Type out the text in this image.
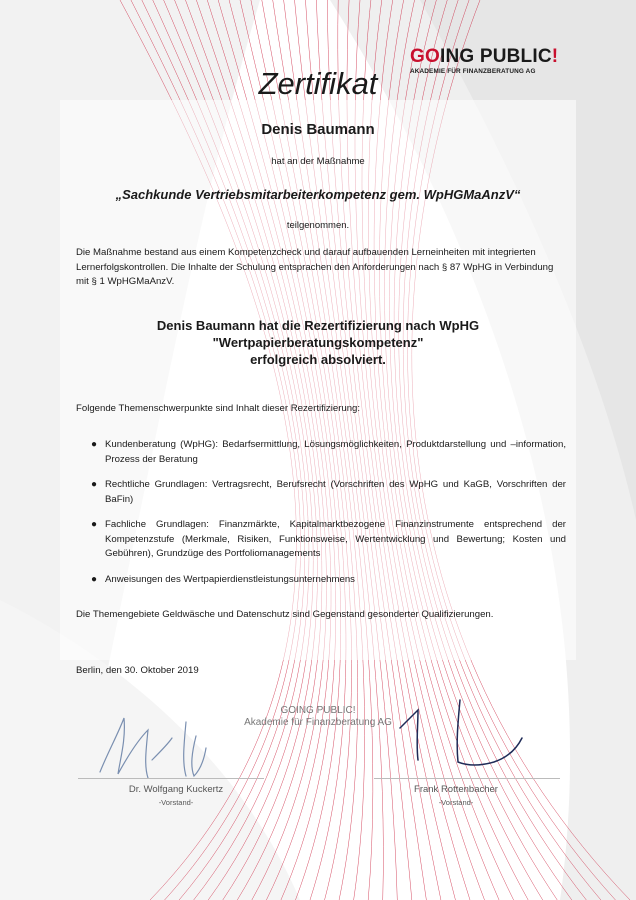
GOING PUBLIC!
AKADEMIE FÜR FINANZBERATUNG AG
Zertifikat
Denis Baumann
hat an der Maßnahme
„Sachkunde Vertriebsmitarbeiterkompetenz gem. WpHGMaAnzV“
teilgenommen.
Die Maßnahme bestand aus einem Kompetenzcheck und darauf aufbauenden Lerneinheiten mit integrierten Lernerfolgskontrollen. Die Inhalte der Schulung entsprachen den Anforderungen nach § 87 WpHG in Verbindung mit § 1 WpHGMaAnzV.
Denis Baumann hat die Rezertifizierung nach WpHG
"Wertpapierberatungskompetenz"
erfolgreich absolviert.
Folgende Themenschwerpunkte sind Inhalt dieser Rezertifizierung:
● Kundenberatung (WpHG): Bedarfsermittlung, Lösungsmöglichkeiten, Produktdarstellung und –information, Prozess der Beratung
● Rechtliche Grundlagen: Vertragsrecht, Berufsrecht (Vorschriften des WpHG und KaGB, Vorschriften der BaFin)
● Fachliche Grundlagen: Finanzmärkte, Kapitalmarktbezogene Finanzinstrumente entsprechend der Kompetenzstufe (Merkmale, Risiken, Funktionsweise, Wertentwicklung und Bewertung; Kosten und Gebühren), Grundzüge des Portfoliomanagements
● Anweisungen des Wertpapierdienstleistungsunternehmens
Die Themengebiete Geldwäsche und Datenschutz sind Gegenstand gesonderter Qualifizierungen.
Berlin, den 30. Oktober 2019
GOING PUBLIC!
Akademie für Finanzberatung AG
Dr. Wolfgang Kuckertz
-Vorstand-
Frank Rottenbacher
-Vorstand-
